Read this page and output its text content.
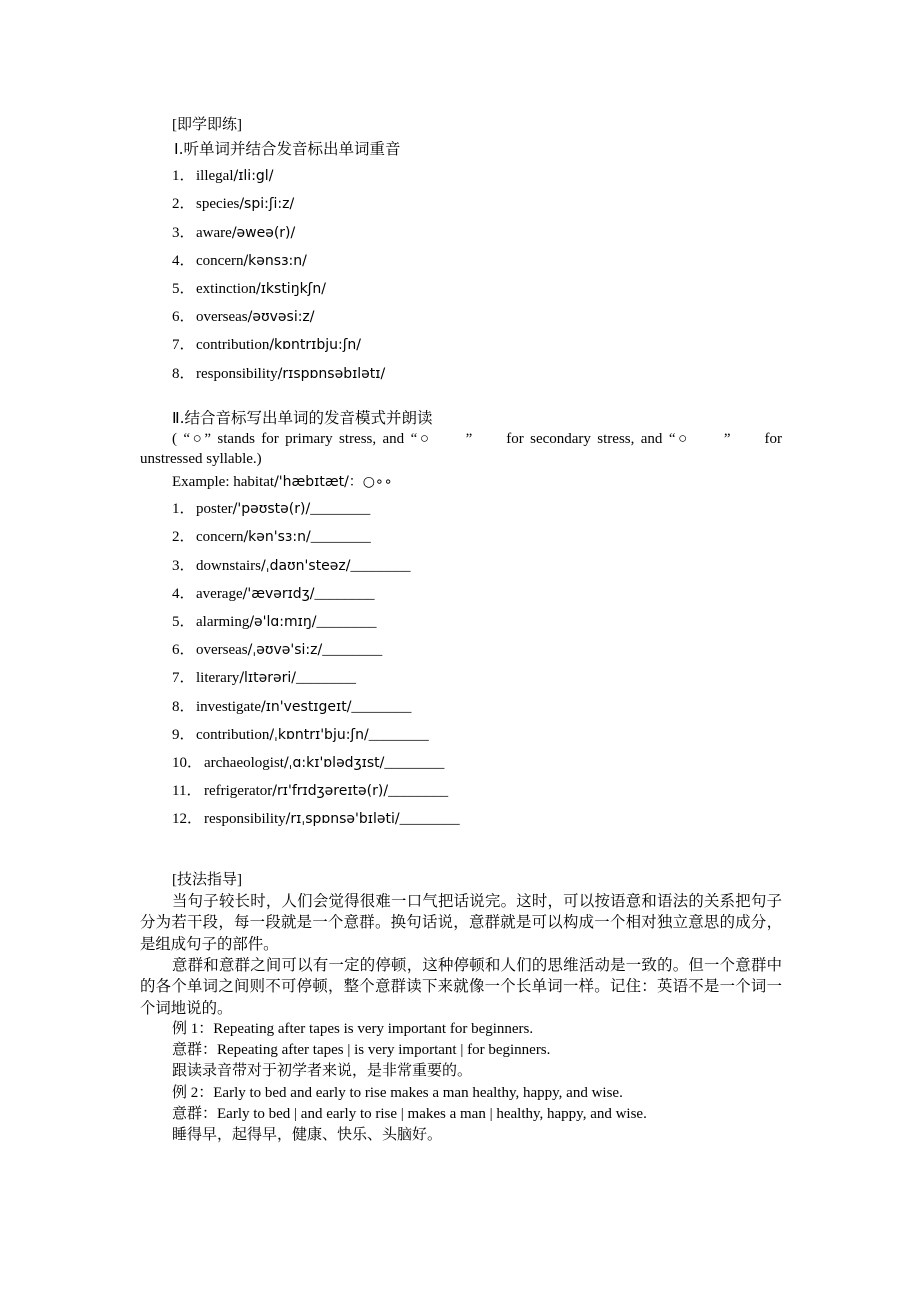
[即学即练]
Ⅰ.听单词并结合发音标出单词重音
1．illegal/ɪli:gl/
2．species/spi:ʃi:z/
3．aware/əweə(r)/
4．concern/kənsɜ:n/
5．extinction/ɪkstiŋkʃn/
6．overseas/əʊvəsi:z/
7．contribution/kɒntrɪbju:ʃn/
8．responsibility/rɪspɒnsəbɪlətɪ/
Ⅱ.结合音标写出单词的发音模式并朗读
( “○” stands for primary stress, and “○ ” for secondary stress, and “○ ” for unstressed syllable.)
Example: habitat/'hæbɪtæt/：○∘∘
1．poster/'pəʊstə(r)/________
2．concern/kən'sɜ:n/________
3．downstairs/ˌdaʊn'steəz/________
4．average/'ævərɪdʒ/________
5．alarming/ə'lɑ:mɪŋ/________
6．overseas/ˌəʊvə'si:z/________
7．literary/lɪtərəri/________
8．investigate/ɪn'vestɪgeɪt/________
9．contribution/ˌkɒntrɪ'bju:ʃn/________
10． archaeologist/ˌɑ:kɪ'ɒlədʒɪst/________
11． refrigerator/rɪ'frɪdʒəreɪtə(r)/________
12． responsibility/rɪˌspɒnsə'bɪləti/________
[技法指导]
当句子较长时，人们会觉得很难一口气把话说完。这时，可以按语意和语法的关系把句子分为若干段，每一段就是一个意群。换句话说，意群就是可以构成一个相对独立意思的成分，是组成句子的部件。
意群和意群之间可以有一定的停顿，这种停顿和人们的思维活动是一致的。但一个意群中的各个单词之间则不可停顿，整个意群读下来就像一个长单词一样。记住：英语不是一个词一个词地说的。
例 1：Repeating after tapes is very important for beginners.
意群：Repeating after tapes | is very important | for beginners.
跟读录音带对于初学者来说，是非常重要的。
例 2：Early to bed and early to rise makes a man healthy, happy, and wise.
意群：Early to bed | and early to rise | makes a man | healthy, happy, and wise.
睡得早，起得早，健康、快乐、头脑好。
